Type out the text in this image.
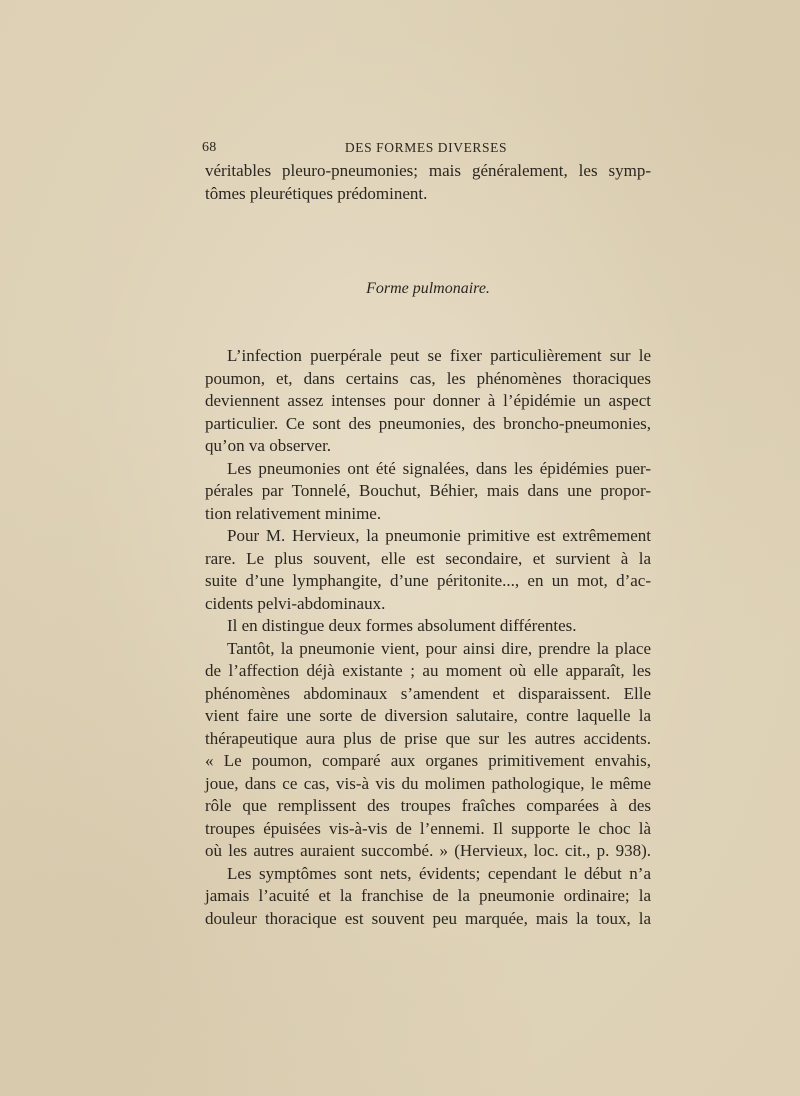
68	DES FORMES DIVERSES
véritables pleuro-pneumonies; mais généralement, les symp-
tômes pleurétiques prédominent.
Forme pulmonaire.
L’infection puerpérale peut se fixer particulièrement sur le
poumon, et, dans certains cas, les phénomènes thoraciques
deviennent assez intenses pour donner à l’épidémie un aspect
particulier. Ce sont des pneumonies, des broncho-pneumonies,
qu’on va observer.
Les pneumonies ont été signalées, dans les épidémies puer-
pérales par Tonnelé, Bouchut, Béhier, mais dans une propor-
tion relativement minime.
Pour M. Hervieux, la pneumonie primitive est extrêmement
rare. Le plus souvent, elle est secondaire, et survient à la
suite d’une lymphangite, d’une péritonite..., en un mot, d’ac-
cidents pelvi-abdominaux.
Il en distingue deux formes absolument différentes.
Tantôt, la pneumonie vient, pour ainsi dire, prendre la place
de l’affection déjà existante ; au moment où elle apparaît, les
phénomènes abdominaux s’amendent et disparaissent. Elle
vient faire une sorte de diversion salutaire, contre laquelle la
thérapeutique aura plus de prise que sur les autres accidents.
« Le poumon, comparé aux organes primitivement envahis,
joue, dans ce cas, vis-à vis du molimen pathologique, le même
rôle que remplissent des troupes fraîches comparées à des
troupes épuisées vis-à-vis de l’ennemi. Il supporte le choc là
où les autres auraient succombé. » (Hervieux, loc. cit., p. 938).
Les symptômes sont nets, évidents; cependant le début n’a
jamais l’acuité et la franchise de la pneumonie ordinaire; la
douleur thoracique est souvent peu marquée, mais la toux, la
